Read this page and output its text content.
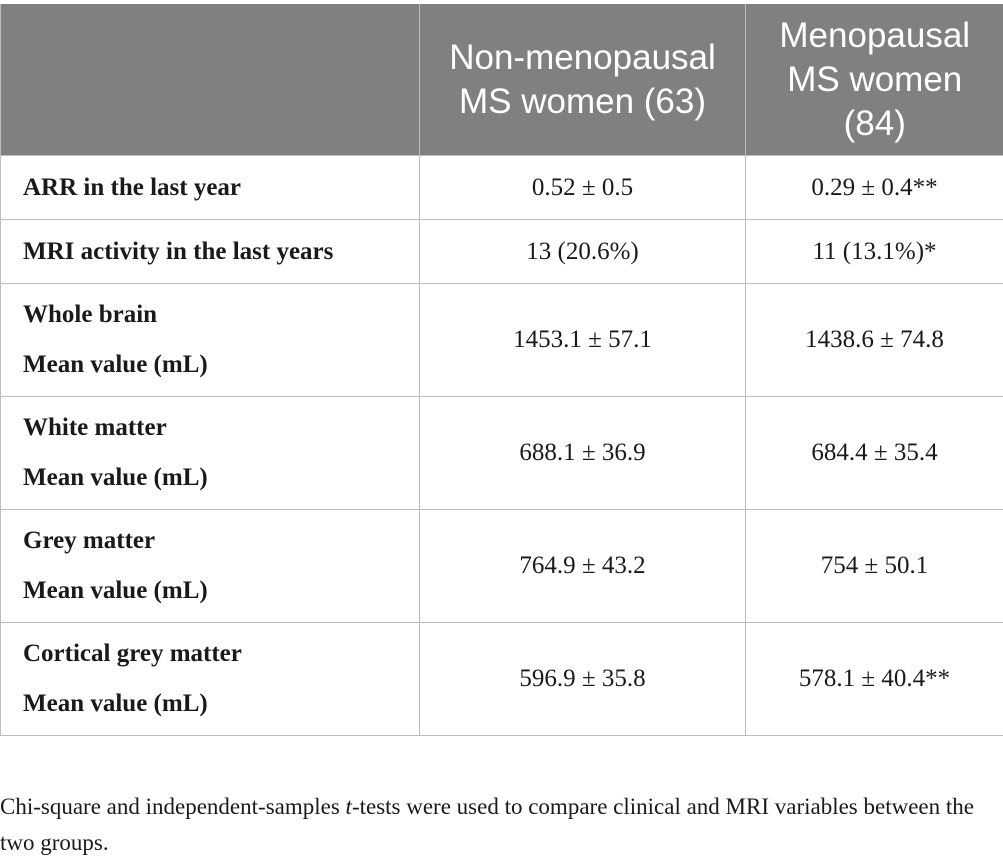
	Non-menopausal MS women (63)	Menopausal MS women (84)

ARR in the last year	0.52 ± 0.5	0.29 ± 0.4**

MRI activity in the last years	13 (20.6%)	11 (13.1%)*

Whole brain
Mean value (mL)	1453.1 ± 57.1	1438.6 ± 74.8

White matter
Mean value (mL)	688.1 ± 36.9	684.4 ± 35.4

Grey matter
Mean value (mL)	764.9 ± 43.2	754 ± 50.1

Cortical grey matter
Mean value (mL)	596.9 ± 35.8	578.1 ± 40.4**

Chi-square and independent-samples t-tests were used to compare clinical and MRI variables between the two groups.
